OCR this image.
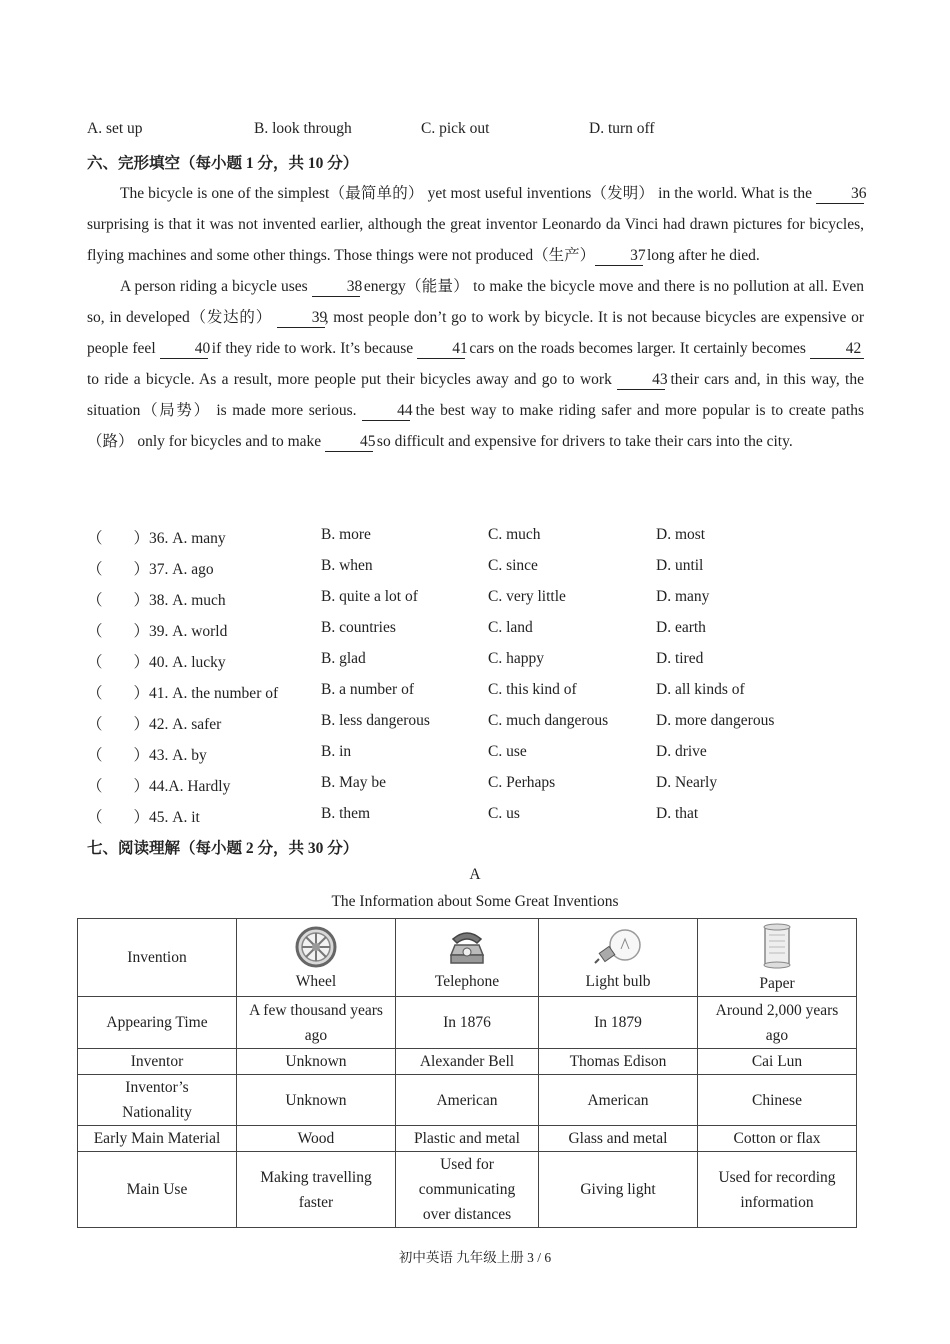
A. set up	B. look through	C. pick out	D. turn off
六、完形填空（每小题 1 分，共 10 分）

The bicycle is one of the simplest（最简单的） yet most useful inventions（发明） in the world. What is the 36 surprising is that it was not invented earlier, although the great inventor Leonardo da Vinci had drawn pictures for bicycles, flying machines and some other things. Those things were not produced（生产） 37 long after he died.

A person riding a bicycle uses 38 energy（能量） to make the bicycle move and there is no pollution at all. Even so, in developed（发达的） 39, most people don’t go to work by bicycle. It is not because bicycles are expensive or people feel 40 if they ride to work. It’s because 41 cars on the roads becomes larger. It certainly becomes 42 to ride a bicycle. As a result, more people put their bicycles away and go to work 43 their cars and, in this way, the situation（局势） is made more serious. 44 the best way to make riding safer and more popular is to create paths（路） only for bicycles and to make 45 so difficult and expensive for drivers to take their cars into the city.

（　　）36. A. many	B. more	C. much	D. most
（　　）37. A. ago	B. when	C. since	D. until
（　　）38. A. much	B. quite a lot of	C. very little	D. many
（　　）39. A. world	B. countries	C. land	D. earth
（　　）40. A. lucky	B. glad	C. happy	D. tired
（　　）41. A. the number of	B. a number of	C. this kind of	D. all kinds of
（　　）42. A. safer	B. less dangerous	C. much dangerous	D. more dangerous
（　　）43. A. by	B. in	C. use	D. drive
（　　）44.A. Hardly	B. May be	C. Perhaps	D. Nearly
（　　）45. A. it	B. them	C. us	D. that
七、阅读理解（每小题 2 分，共 30 分）
A
The Information about Some Great Inventions
Invention	Wheel	Telephone	Light bulb	Paper

Appearing Time	A few thousand years ago	In 1876	In 1879	Around 2,000 years ago
Inventor	Unknown	Alexander Bell	Thomas Edison	Cai Lun
Inventor’s Nationality	Unknown	American	American	Chinese
Early Main Material	Wood	Plastic and metal	Glass and metal	Cotton or flax
Main Use	Making travelling faster	Used for communicating over distances	Giving light	Used for recording information
初中英语 九年级上册 3 / 6
